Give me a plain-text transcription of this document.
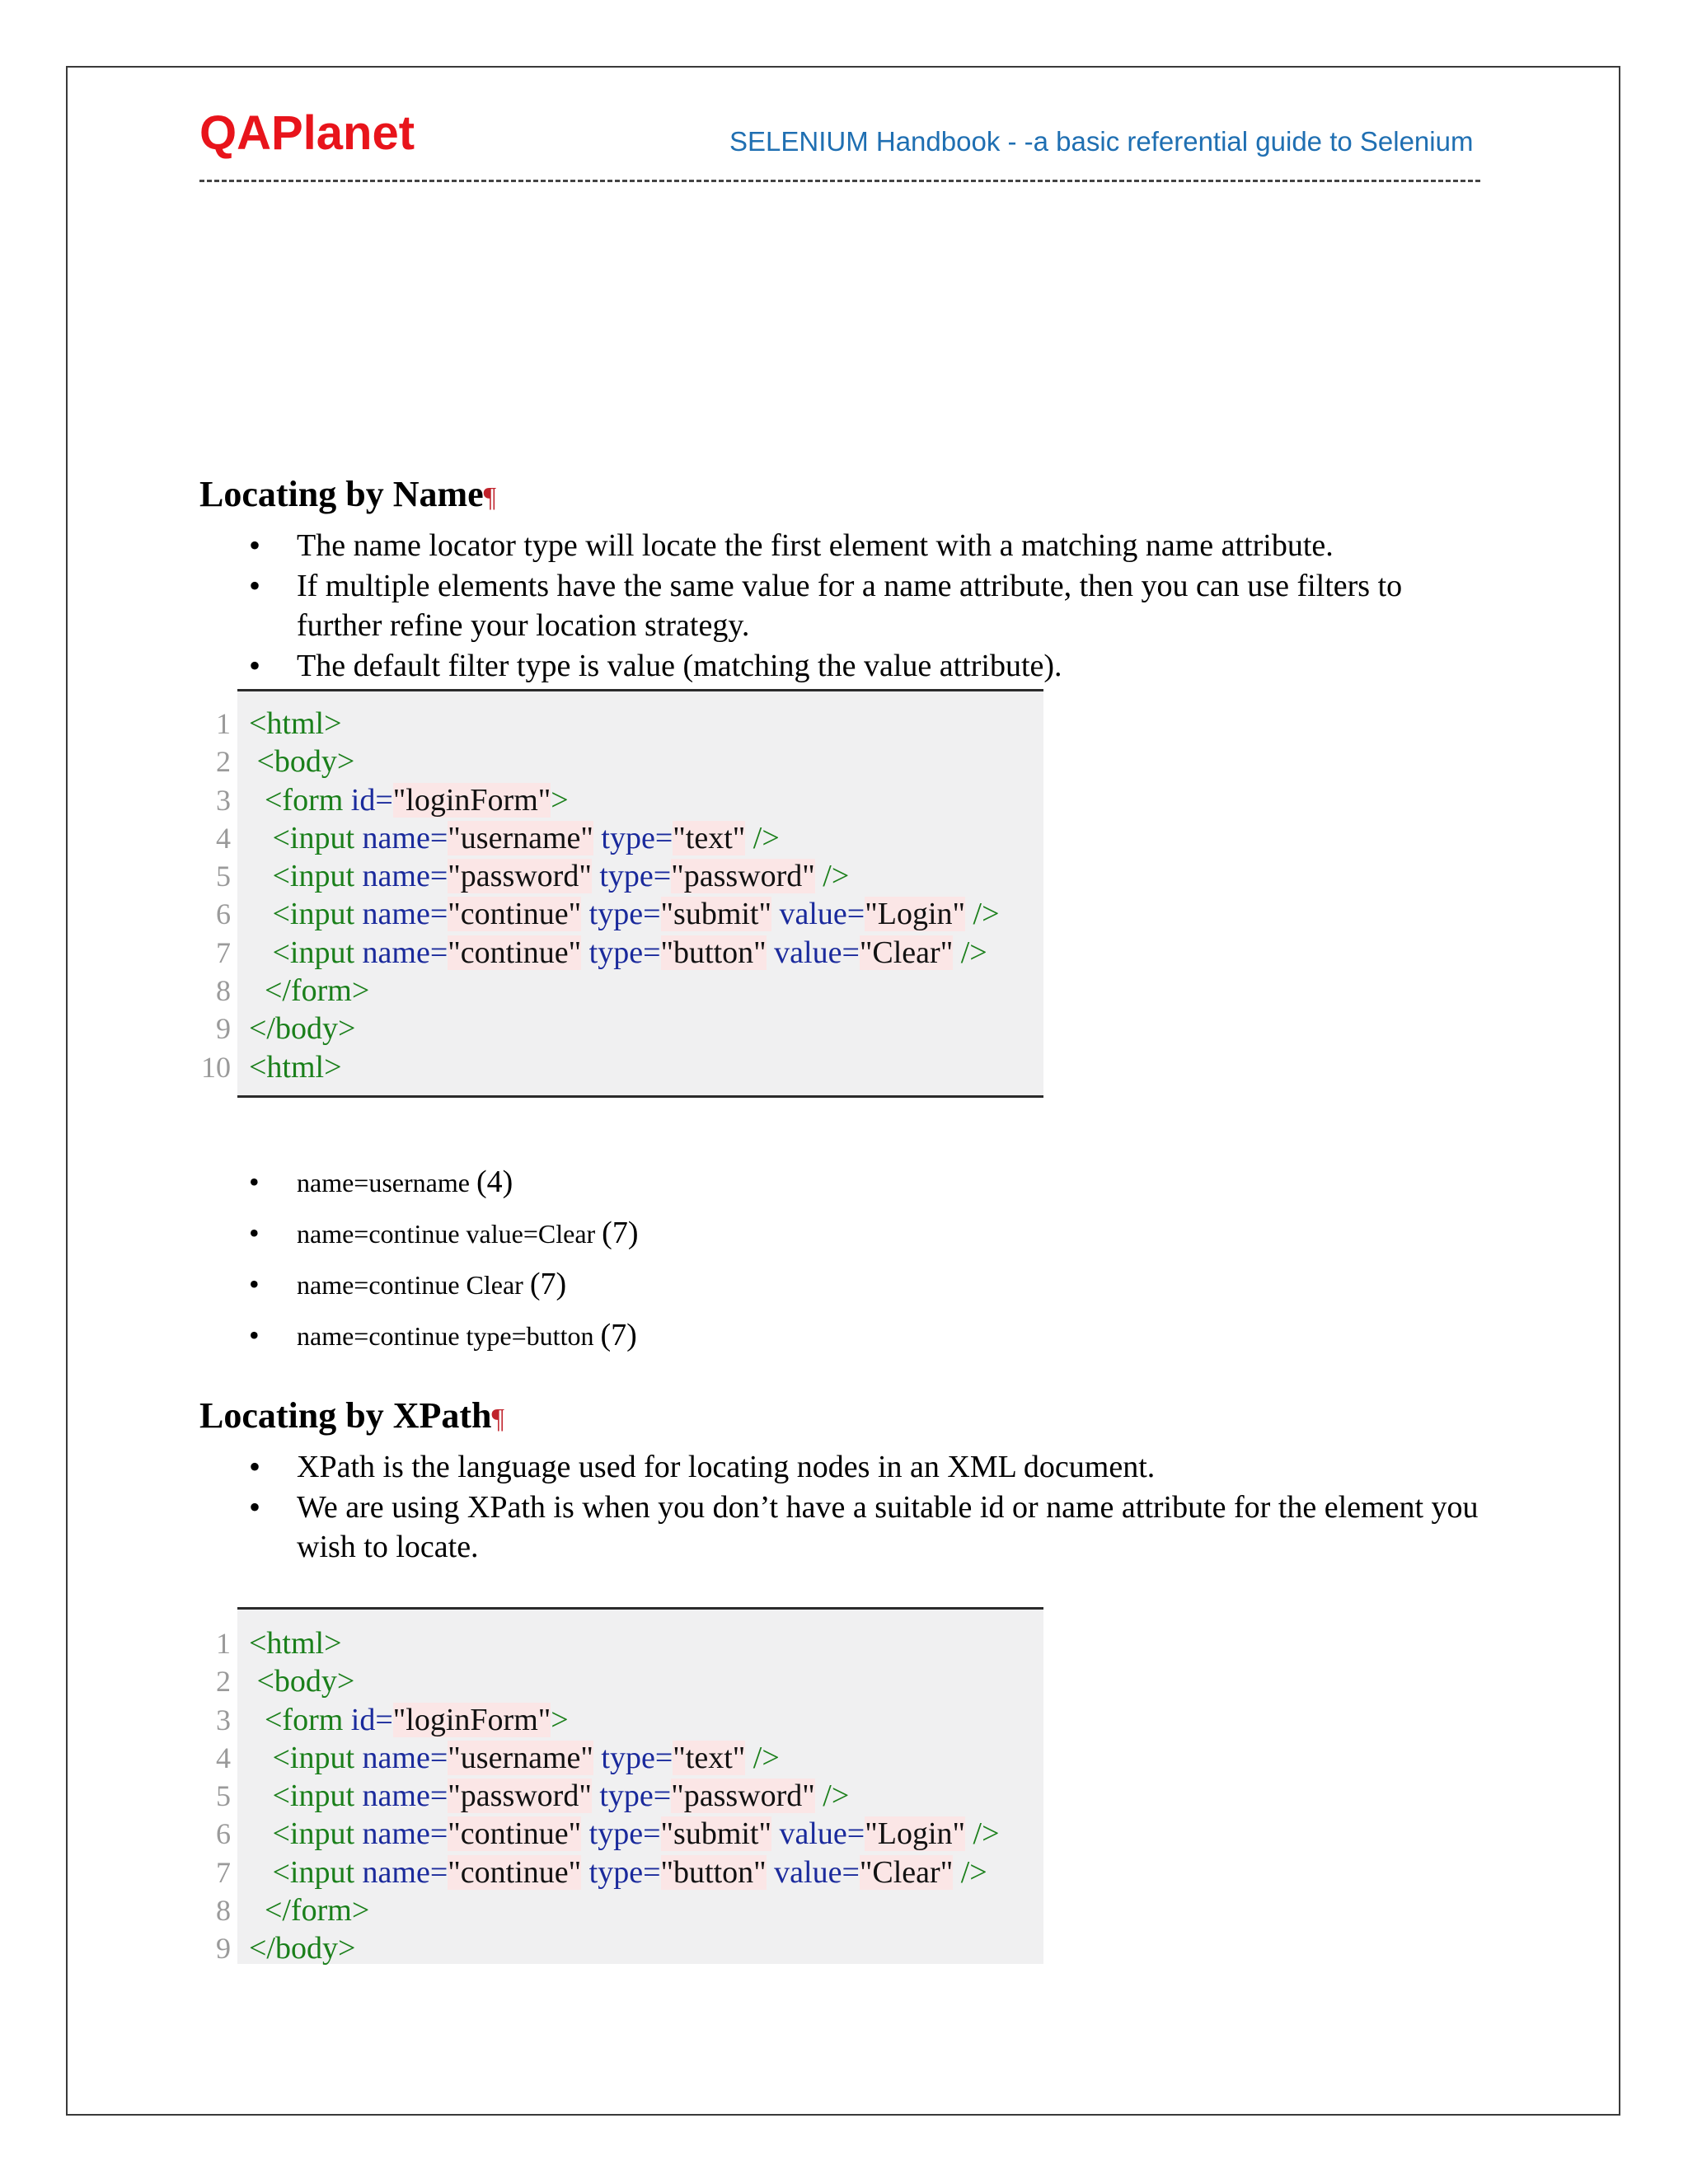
QAPlanet	SELENIUM Handbook - -a basic referential guide to Selenium
Locating by Name¶
• The name locator type will locate the first element with a matching name attribute.
• If multiple elements have the same value for a name attribute, then you can use filters to further refine your location strategy.
• The default filter type is value (matching the value attribute).
1 <html>
2 <body>
3	<form id="loginForm">
4	<input name="username" type="text" />
5	<input name="password" type="password" />
6	<input name="continue" type="submit" value="Login" />
7	<input name="continue" type="button" value="Clear" />
8	</form>
9 </body>
10 <html>
• name=username (4)
• name=continue value=Clear (7)
• name=continue Clear (7)
• name=continue type=button (7)
Locating by XPath¶
• XPath is the language used for locating nodes in an XML document.
• We are using XPath is when you don’t have a suitable id or name attribute for the element you wish to locate.
1 <html>
2 <body>
3	<form id="loginForm">
4	<input name="username" type="text" />
5	<input name="password" type="password" />
6	<input name="continue" type="submit" value="Login" />
7	<input name="continue" type="button" value="Clear" />
8	</form>
9 </body>
